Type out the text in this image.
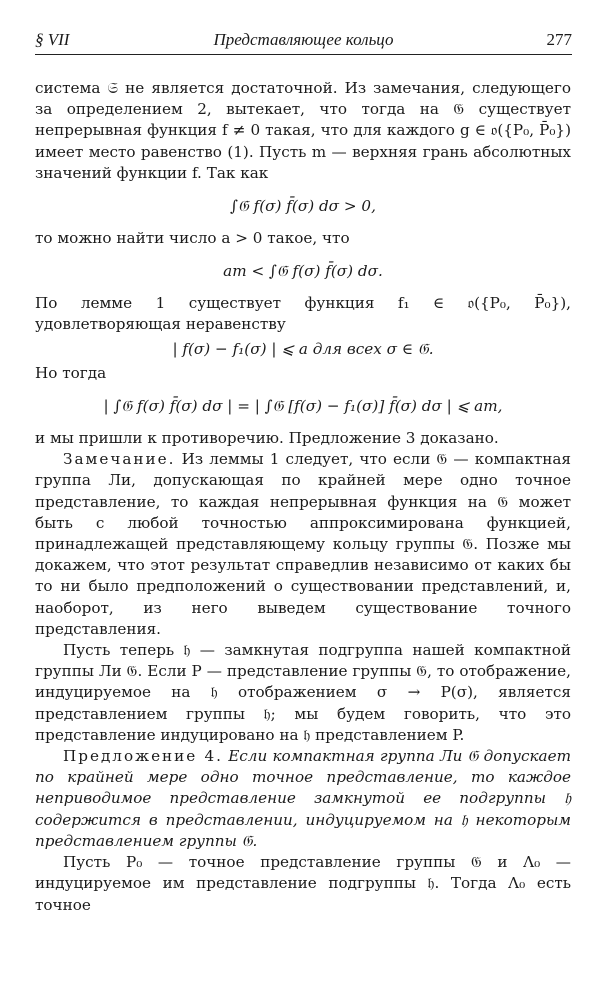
§ VII	Представляющее кольцо	277

система 𝔖 не является достаточной. Из замечания, следующего за определением 2, вытекает, что тогда на 𝔊 существует непрерывная функция f ≠ 0 такая, что для каждого g ∈ 𝔬({P₀, P̄₀}) имеет место равенство (1). Пусть m — верхняя грань абсолютных значений функции f. Так как

∫𝔊 f(σ) f̄(σ) dσ > 0,

то можно найти число a > 0 такое, что

am < ∫𝔊 f(σ) f̄(σ) dσ.

По лемме 1 существует функция f₁ ∈ 𝔬({P₀, P̄₀}), удовлетворяющая неравенству

| f(σ) − f₁(σ) | ⩽ a для всех σ ∈ 𝔊.

Но тогда

| ∫𝔊 f(σ) f̄(σ) dσ | = | ∫𝔊 [f(σ) − f₁(σ)] f̄(σ) dσ | ⩽ am,

и мы пришли к противоречию. Предложение 3 доказано.

Замечание. Из леммы 1 следует, что если 𝔊 — компактная группа Ли, допускающая по крайней мере одно точное представление, то каждая непрерывная функция на 𝔊 может быть с любой точностью аппроксимирована функцией, принадлежащей представляющему кольцу группы 𝔊. Позже мы докажем, что этот результат справедлив независимо от каких бы то ни было предположений о существовании представлений, и, наоборот, из него выведем существование точного представления.

Пусть теперь 𝔥 — замкнутая подгруппа нашей компактной группы Ли 𝔊. Если P — представление группы 𝔊, то отображение, индуцируемое на 𝔥 отображением σ → P(σ), является представлением группы 𝔥; мы будем говорить, что это представление индуцировано на 𝔥 представлением P.

Предложение 4. Если компактная группа Ли 𝔊 допускает по крайней мере одно точное представление, то каждое неприводимое представление замкнутой ее подгруппы 𝔥 содержится в представлении, индуцируемом на 𝔥 некоторым представлением группы 𝔊.

Пусть P₀ — точное представление группы 𝔊 и Λ₀ — индуцируемое им представление подгруппы 𝔥. Тогда Λ₀ есть точное
